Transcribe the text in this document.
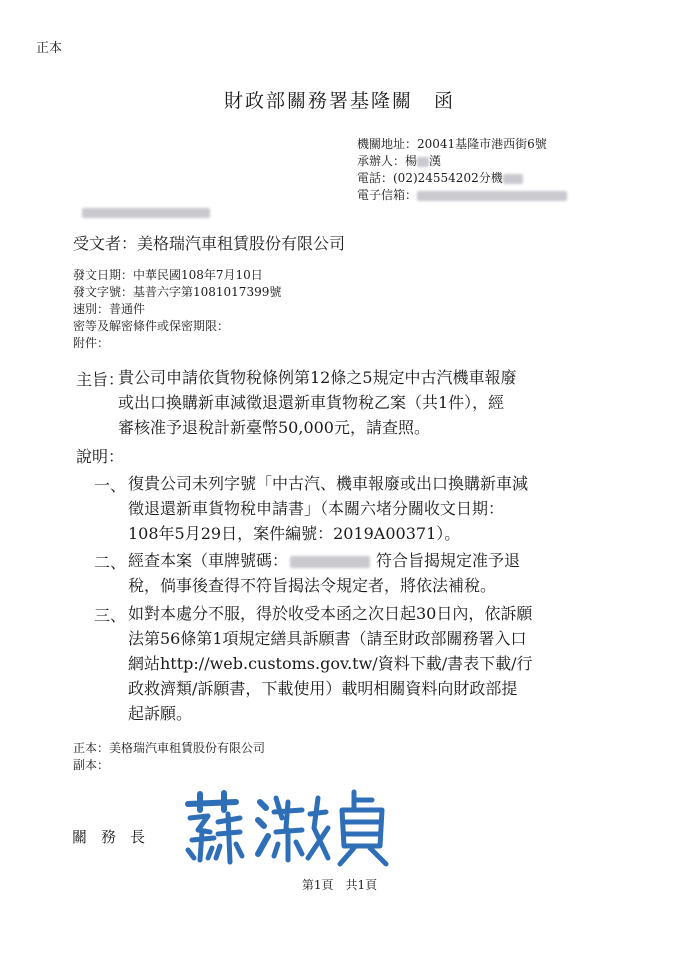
正本
財政部關務署基隆關　函
機關地址：20041基隆市港西街6號
承辦人：楊 漢
電話：(02)24554202分機
電子信箱：
受文者：美格瑞汽車租賃股份有限公司
發文日期：中華民國108年7月10日
發文字號：基普六字第1081017399號
速別：普通件
密等及解密條件或保密期限：
附件：
主旨：
貴公司申請依貨物稅條例第12條之5規定中古汽機車報廢
或出口換購新車減徵退還新車貨物稅乙案（共1件），經
審核准予退稅計新臺幣50,000元，請查照。
說明：
一、 復貴公司未列字號「中古汽、機車報廢或出口換購新車減
徵退還新車貨物稅申請書」（本關六堵分關收文日期：
108年5月29日，案件編號：2019A00371）。
二、 經查本案（車牌號碼：	符合旨揭規定准予退
稅，倘事後查得不符旨揭法令規定者，將依法補稅。
三、 如對本處分不服，得於收受本函之次日起30日內，依訴願
法第56條第1項規定繕具訴願書（請至財政部關務署入口
網站http://web.customs.gov.tw/資料下載/書表下載/行
政救濟類/訴願書，下載使用）載明相關資料向財政部提
起訴願。
正本：美格瑞汽車租賃股份有限公司
副本：
關務長
蘇淑貞
第1頁　共1頁
